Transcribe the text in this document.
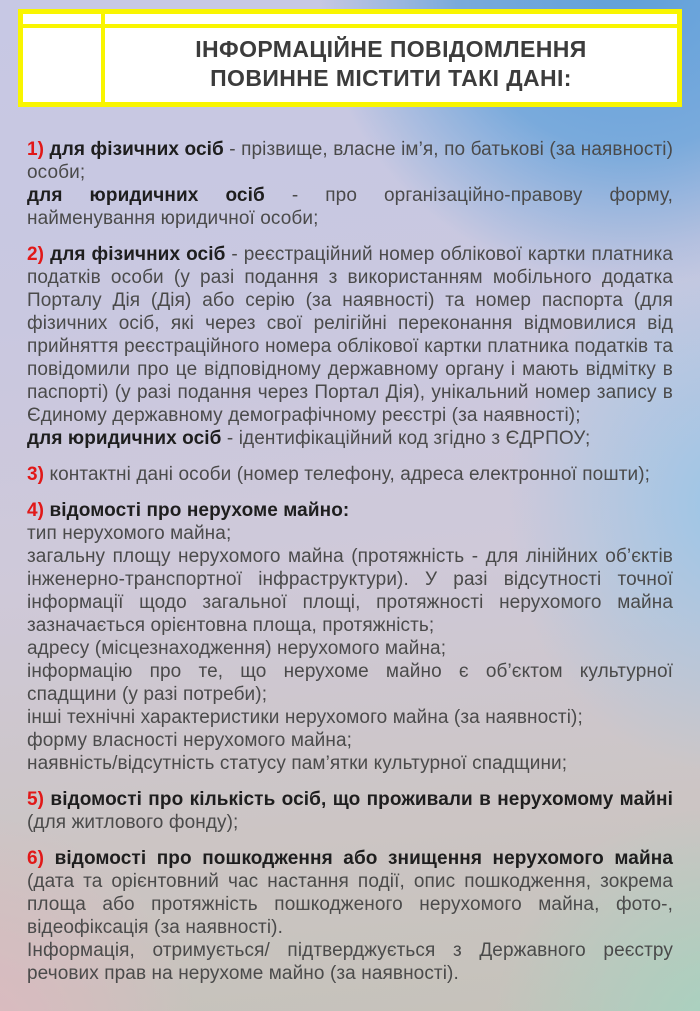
ІНФОРМАЦІЙНЕ ПОВІДОМЛЕННЯ
ПОВИННЕ МІСТИТИ ТАКІ ДАНІ:

1) для фізичних осіб - прізвище, власне ім’я, по батькові (за наявності) особи;
для юридичних осіб - про організаційно-правову форму, найменування юридичної особи;

2) для фізичних осіб - реєстраційний номер облікової картки платника податків особи (у разі подання з використанням мобільного додатка Порталу Дія (Дія) або серію (за наявності) та номер паспорта (для фізичних осіб, які через свої релігійні переконання відмовилися від прийняття реєстраційного номера облікової картки платника податків та повідомили про це відповідному державному органу і мають відмітку в паспорті) (у разі подання через Портал Дія), унікальний номер запису в Єдиному державному демографічному реєстрі (за наявності);
для юридичних осіб - ідентифікаційний код згідно з ЄДРПОУ;

3) контактні дані особи (номер телефону, адреса електронної пошти);

4) відомості про нерухоме майно:
тип нерухомого майна;
загальну площу нерухомого майна (протяжність - для лінійних об’єктів інженерно-транспортної інфраструктури). У разі відсутності точної інформації щодо загальної площі, протяжності нерухомого майна зазначається орієнтовна площа, протяжність;
адресу (місцезнаходження) нерухомого майна;
інформацію про те, що нерухоме майно є об’єктом культурної спадщини (у разі потреби);
інші технічні характеристики нерухомого майна (за наявності);
форму власності нерухомого майна;
наявність/відсутність статусу пам’ятки культурної спадщини;

5) відомості про кількість осіб, що проживали в нерухомому майні (для житлового фонду);

6) відомості про пошкодження або знищення нерухомого майна (дата та орієнтовний час настання події, опис пошкодження, зокрема площа або протяжність пошкодженого нерухомого майна, фото-, відеофіксація (за наявності).
Інформація, отримується/ підтверджується з Державного реєстру речових прав на нерухоме майно (за наявності).
